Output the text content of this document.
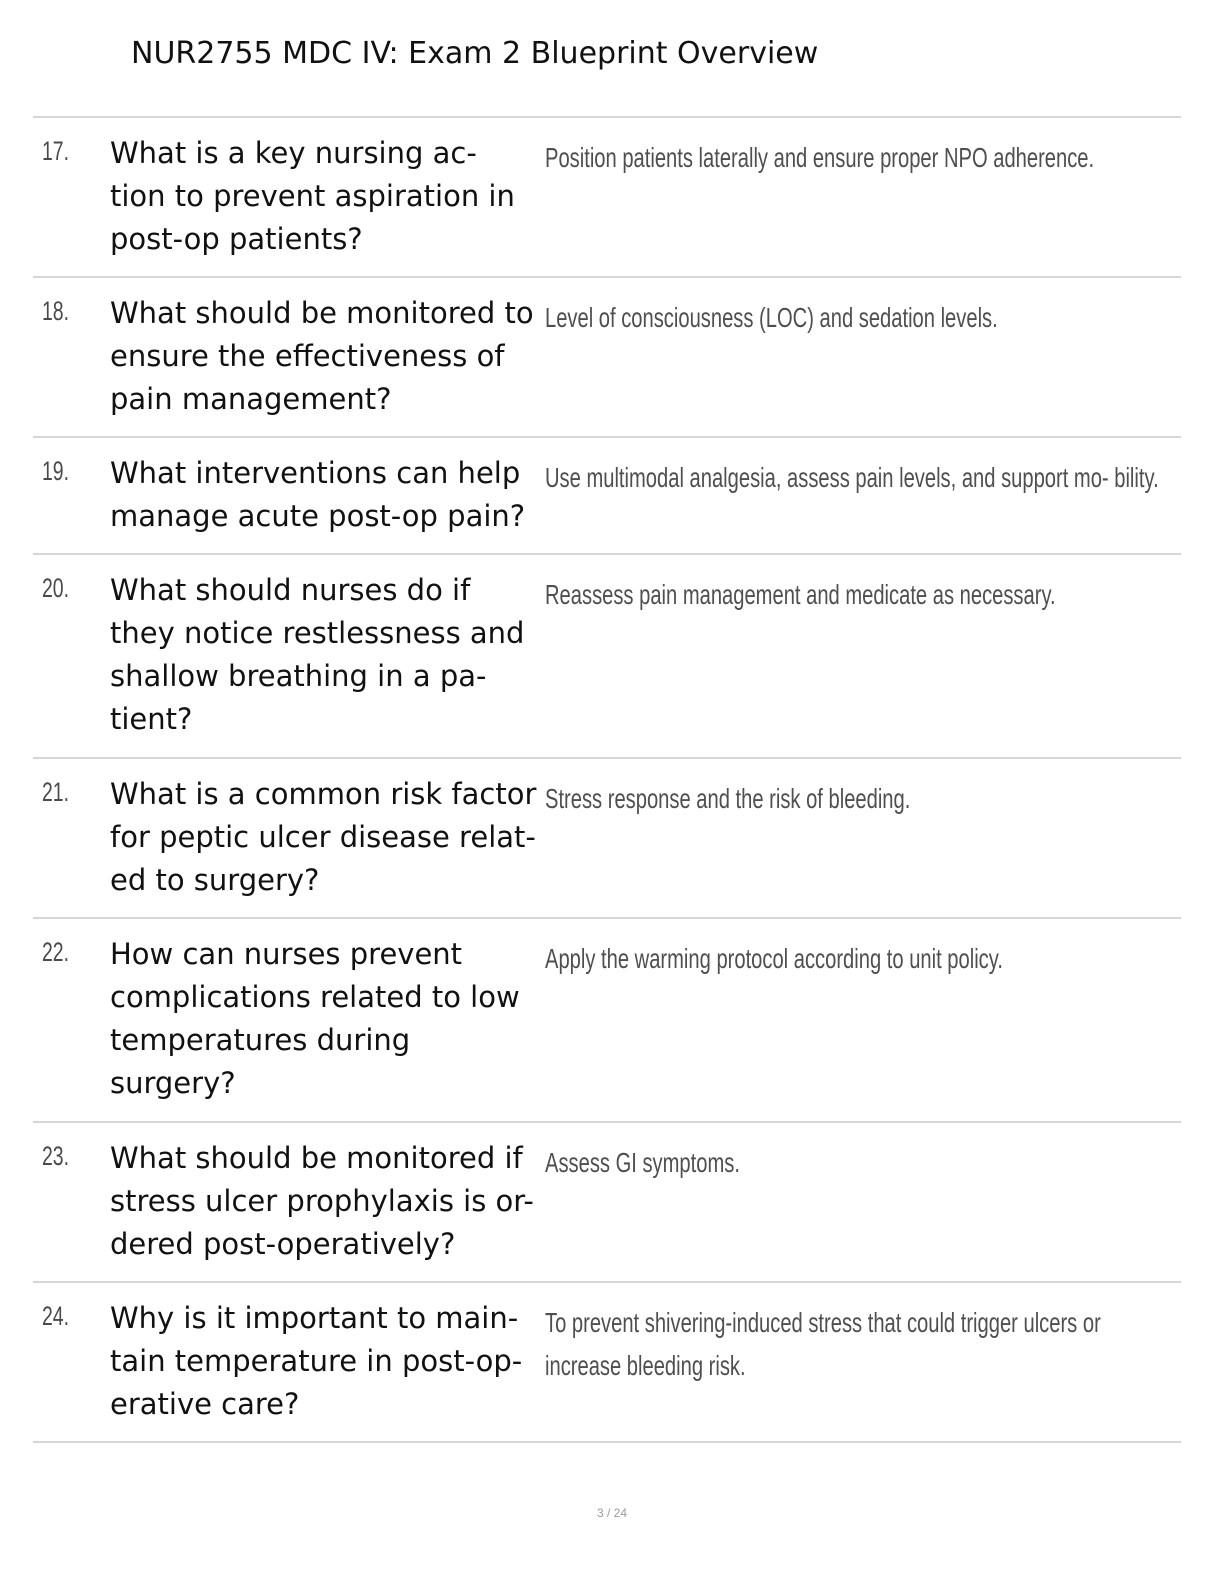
NUR2755 MDC IV: Exam 2 Blueprint Overview
17. What is a key nursing ac- tion to prevent aspiration in post-op patients?

Position patients laterally and ensure proper NPO adherence.

18. What should be monitored to ensure the effectiveness of pain management?

Level of consciousness (LOC) and sedation levels.

19. What interventions can help manage acute post-op pain?

Use multimodal analgesia, assess pain levels, and support mo- bility.

20. What should nurses do if they notice restlessness and shallow breathing in a pa- tient?

Reassess pain management and medicate as necessary.

21. What is a common risk factor for peptic ulcer disease relat- ed to surgery?

Stress response and the risk of bleeding.

22. How can nurses prevent complications related to low temperatures during surgery?

Apply the warming protocol according to unit policy.

23. What should be monitored if stress ulcer prophylaxis is or- dered post-operatively?

Assess GI symptoms.

24. Why is it important to main- tain temperature in post-op- erative care?

To prevent shivering-induced stress that could trigger ulcers or increase bleeding risk.

3 / 24
